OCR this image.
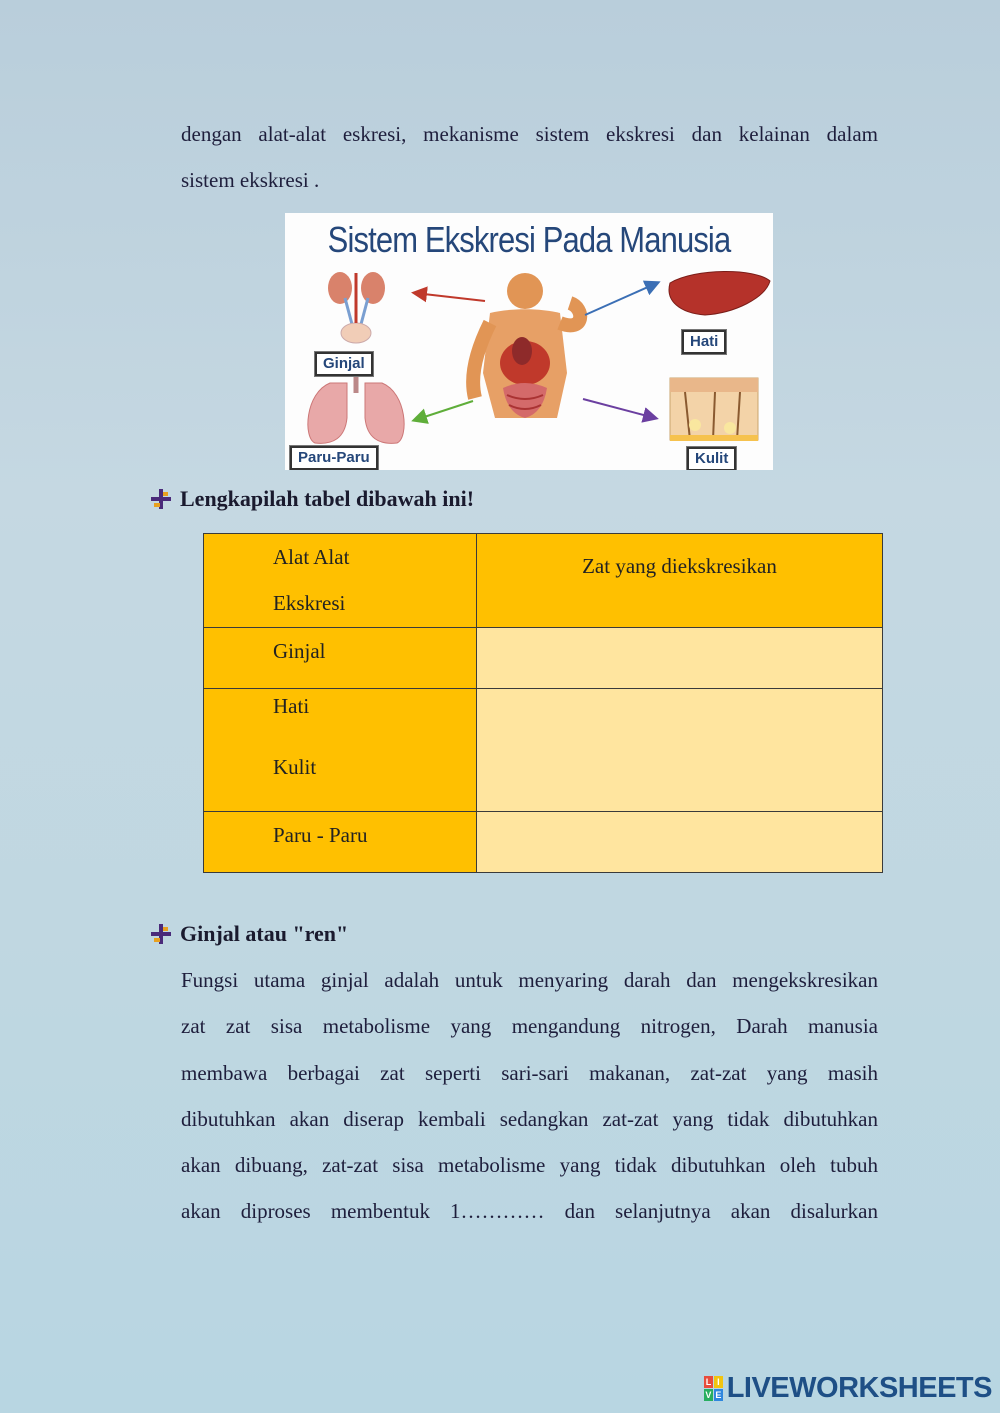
dengan alat-alat eskresi, mekanisme sistem ekskresi dan kelainan dalam
sistem ekskresi .
Sistem Ekskresi Pada Manusia
Ginjal
Hati
Paru-Paru	Kulit
Lengkapilah tabel dibawah ini!
Alat Alat
Ekskresi	Zat yang diekskresikan

Ginjal	

Hati
Kulit	

Paru - Paru	

Ginjal atau "ren"
Fungsi utama ginjal adalah untuk menyaring darah dan mengekskresikan
zat zat sisa metabolisme yang mengandung nitrogen, Darah manusia
membawa berbagai zat seperti sari-sari makanan, zat-zat yang masih
dibutuhkan akan diserap kembali sedangkan zat-zat yang tidak dibutuhkan
akan dibuang, zat-zat sisa metabolisme yang tidak dibutuhkan oleh tubuh
akan diproses membentuk 1………… dan selanjutnya akan disalurkan
L I
V E LIVEWORKSHEETS
